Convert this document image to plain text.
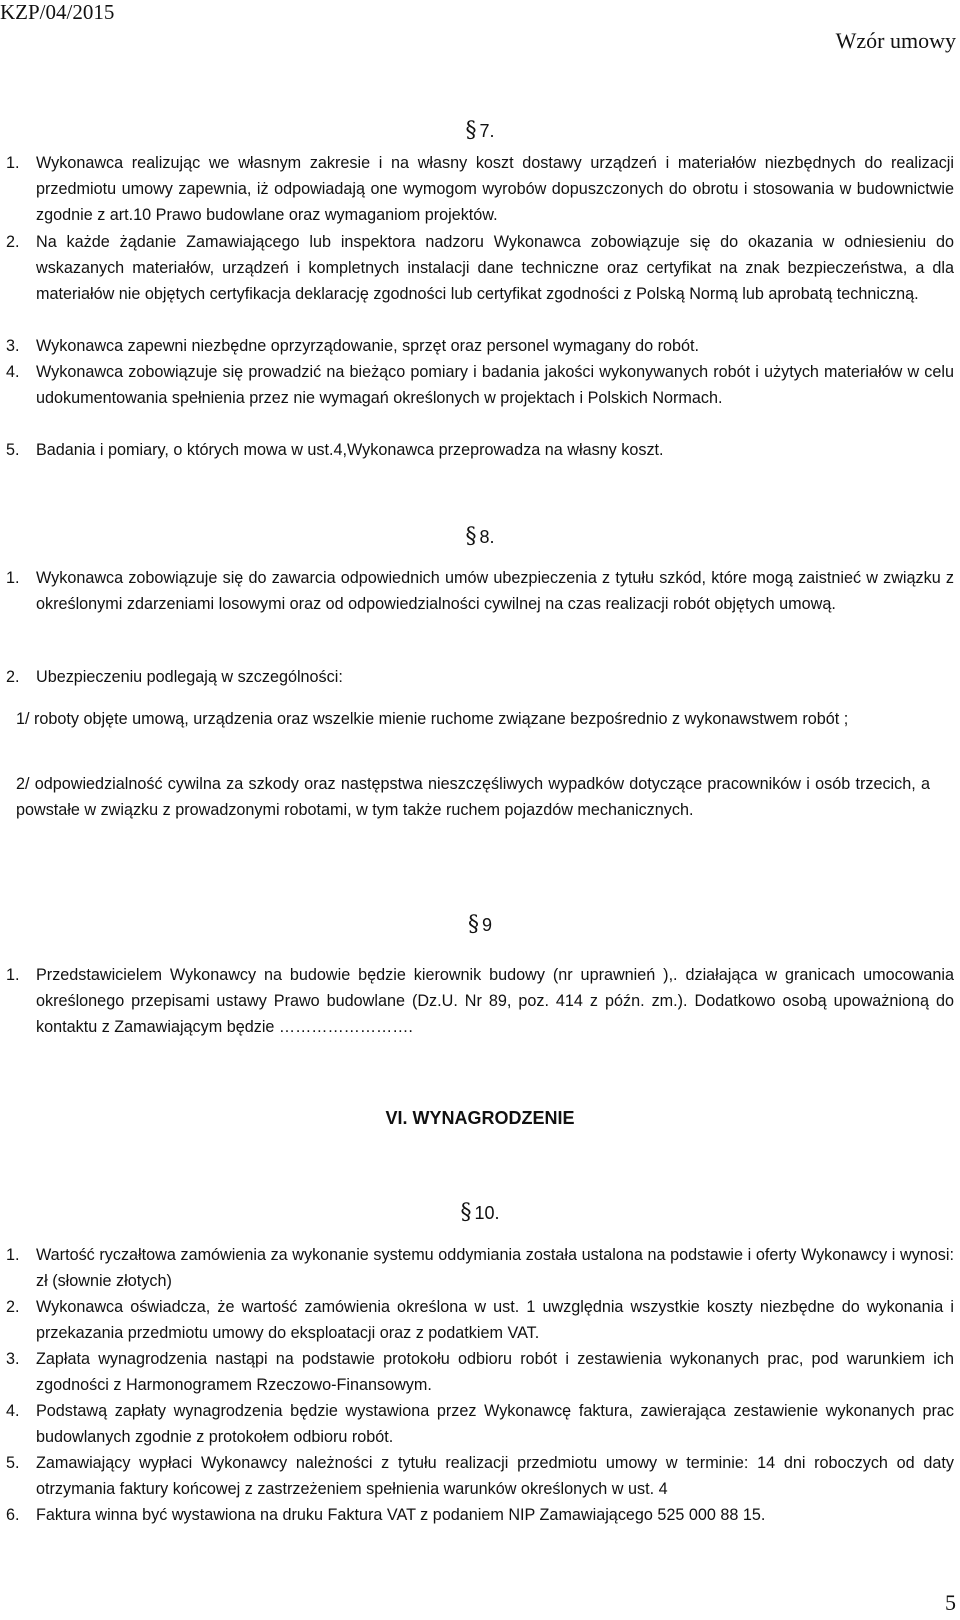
KZP/04/2015
Wzór umowy
§ 7.
1. Wykonawca realizując we własnym zakresie i na własny koszt dostawy urządzeń i materiałów niezbędnych do realizacji przedmiotu umowy zapewnia, iż odpowiadają one wymogom wyrobów dopuszczonych do obrotu i stosowania w budownictwie zgodnie z art.10 Prawo budowlane oraz wymaganiom projektów.
2. Na każde żądanie Zamawiającego lub inspektora nadzoru Wykonawca zobowiązuje się do okazania w odniesieniu do wskazanych materiałów, urządzeń i kompletnych instalacji dane techniczne oraz certyfikat na znak bezpieczeństwa, a dla materiałów nie objętych certyfikacja deklarację zgodności lub certyfikat zgodności z Polską Normą lub aprobatą techniczną.
3. Wykonawca zapewni niezbędne oprzyrządowanie, sprzęt oraz personel wymagany do robót.
4. Wykonawca zobowiązuje się prowadzić na bieżąco pomiary i badania jakości wykonywanych robót i użytych materiałów w celu udokumentowania spełnienia przez nie wymagań określonych w projektach i Polskich Normach.
5. Badania i pomiary, o których mowa w ust.4,Wykonawca przeprowadza na własny koszt.
§ 8.
1. Wykonawca zobowiązuje się do zawarcia odpowiednich umów ubezpieczenia z tytułu szkód, które mogą zaistnieć w związku z określonymi zdarzeniami losowymi oraz od odpowiedzialności cywilnej na czas realizacji robót objętych umową.
2. Ubezpieczeniu podlegają w szczególności:
1/ roboty objęte umową, urządzenia oraz wszelkie mienie ruchome związane bezpośrednio z wykonawstwem robót ;
2/ odpowiedzialność cywilna za szkody oraz następstwa nieszczęśliwych wypadków dotyczące pracowników i osób trzecich, a powstałe w związku z prowadzonymi robotami, w tym także ruchem pojazdów mechanicznych.
§ 9
1. Przedstawicielem Wykonawcy na budowie będzie kierownik budowy (nr uprawnień ),. działająca w granicach umocowania określonego przepisami ustawy Prawo budowlane (Dz.U. Nr 89, poz. 414 z późn. zm.). Dodatkowo osobą upoważnioną do kontaktu z Zamawiającym będzie …………………….
VI. WYNAGRODZENIE
§ 10.
1. Wartość ryczałtowa zamówienia za wykonanie systemu oddymiania została ustalona na podstawie i oferty Wykonawcy i wynosi: zł (słownie złotych)
2. Wykonawca oświadcza, że wartość zamówienia określona w ust. 1 uwzględnia wszystkie koszty niezbędne do wykonania i przekazania przedmiotu umowy do eksploatacji oraz z podatkiem VAT.
3. Zapłata wynagrodzenia nastąpi na podstawie protokołu odbioru robót i zestawienia wykonanych prac, pod warunkiem ich zgodności z Harmonogramem Rzeczowo-Finansowym.
4. Podstawą zapłaty wynagrodzenia będzie wystawiona przez Wykonawcę faktura, zawierająca zestawienie wykonanych prac budowlanych zgodnie z protokołem odbioru robót.
5. Zamawiający wypłaci Wykonawcy należności z tytułu realizacji przedmiotu umowy w terminie: 14 dni roboczych od daty otrzymania faktury końcowej z zastrzeżeniem spełnienia warunków określonych w ust. 4
6. Faktura winna być wystawiona na druku Faktura VAT z podaniem NIP Zamawiającego 525 000 88 15.
5
